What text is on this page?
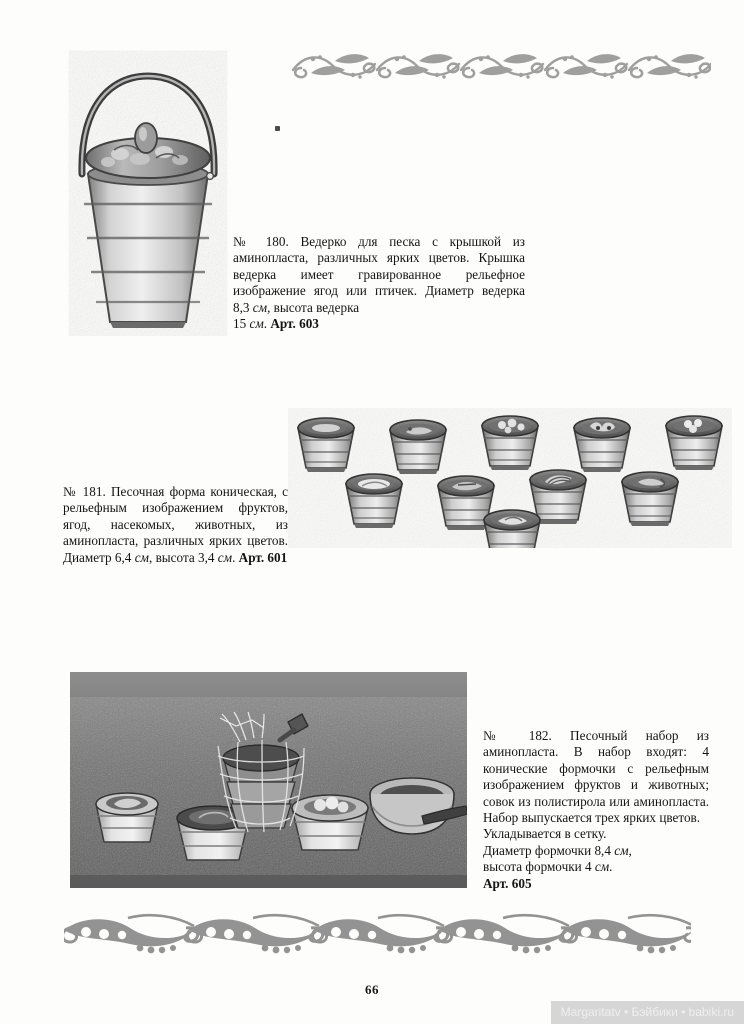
№ 180. Ведерко для песка с крышкой из аминопласта, различных ярких цветов. Крышка ведерка имеет гравированное рельефное изображение ягод или птичек. Диаметр ведерка 8,3 см, высота ведерка
15 см. Арт. 603
№ 181. Песочная форма коническая, с рельефным изображением фруктов, ягод, насекомых, животных, из аминопласта, различных ярких цветов. Диаметр 6,4 см, высота 3,4 см. Арт. 601
№ 182. Песочный набор из аминопласта. В набор входят: 4 конические формочки с рельефным изображением фруктов и животных; совок из полистирола или аминопласта. Набор выпускается трех ярких цветов.
Укладывается в сетку.
Диаметр формочки 8,4 см,
высота формочки 4 см.
Арт. 605
66
Margaritatv • Бэйбики • babiki.ru
